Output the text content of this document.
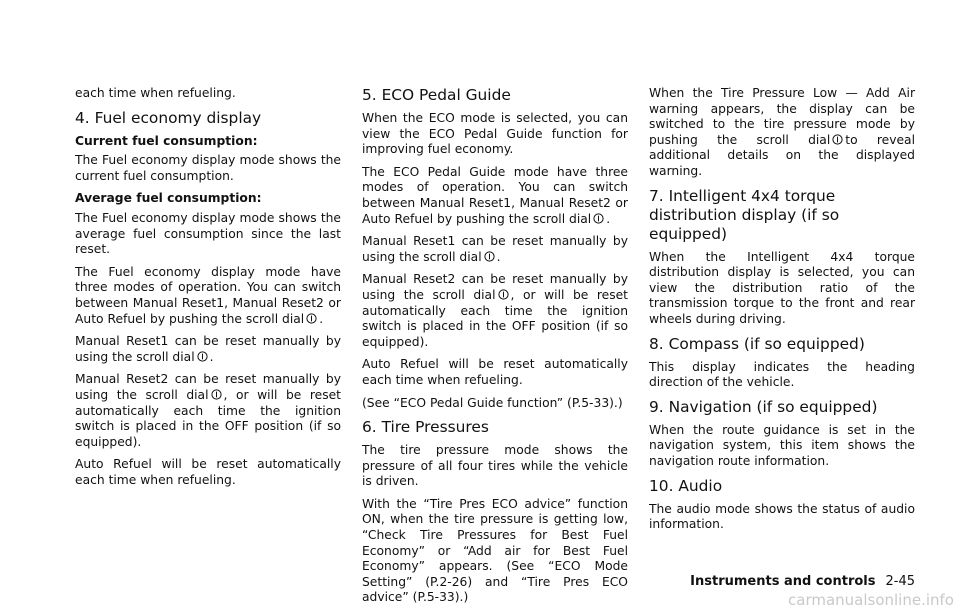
each time when refueling.

4. Fuel economy display

Current fuel consumption:

The Fuel economy display mode shows the current fuel consumption.

Average fuel consumption:

The Fuel economy display mode shows the average fuel consumption since the last reset.

The Fuel economy display mode have three modes of operation. You can switch between Manual Reset1, Manual Reset2 or Auto Refuel by pushing the scroll dial .

Manual Reset1 can be reset manually by using the scroll dial .

Manual Reset2 can be reset manually by using the scroll dial , or will be reset automatically each time the ignition switch is placed in the OFF position (if so equipped).

Auto Refuel will be reset automatically each time when refueling.

5. ECO Pedal Guide

When the ECO mode is selected, you can view the ECO Pedal Guide function for improving fuel economy.

The ECO Pedal Guide mode have three modes of operation. You can switch between Manual Reset1, Manual Reset2 or Auto Refuel by pushing the scroll dial .

Manual Reset1 can be reset manually by using the scroll dial .

Manual Reset2 can be reset manually by using the scroll dial , or will be reset automatically each time the ignition switch is placed in the OFF position (if so equipped).

Auto Refuel will be reset automatically each time when refueling.

(See “ECO Pedal Guide function” (P.5-33).)

6. Tire Pressures

The tire pressure mode shows the pressure of all four tires while the vehicle is driven.

With the “Tire Pres ECO advice” function ON, when the tire pressure is getting low, “Check Tire Pressures for Best Fuel Economy” or “Add air for Best Fuel Economy” appears. (See “ECO Mode Setting” (P.2-26) and “Tire Pres ECO advice” (P.5-33).)

When the Tire Pressure Low — Add Air warning appears, the display can be switched to the tire pressure mode by pushing the scroll dial to reveal additional details on the displayed warning.

7. Intelligent 4x4 torque distribution display (if so equipped)

When the Intelligent 4x4 torque distribution display is selected, you can view the distribution ratio of the transmission torque to the front and rear wheels during driving.

8. Compass (if so equipped)

This display indicates the heading direction of the vehicle.

9. Navigation (if so equipped)

When the route guidance is set in the navigation system, this item shows the navigation route information.

10. Audio

The audio mode shows the status of audio information.

Instruments and controls 2-45
carmanualsonline.info
